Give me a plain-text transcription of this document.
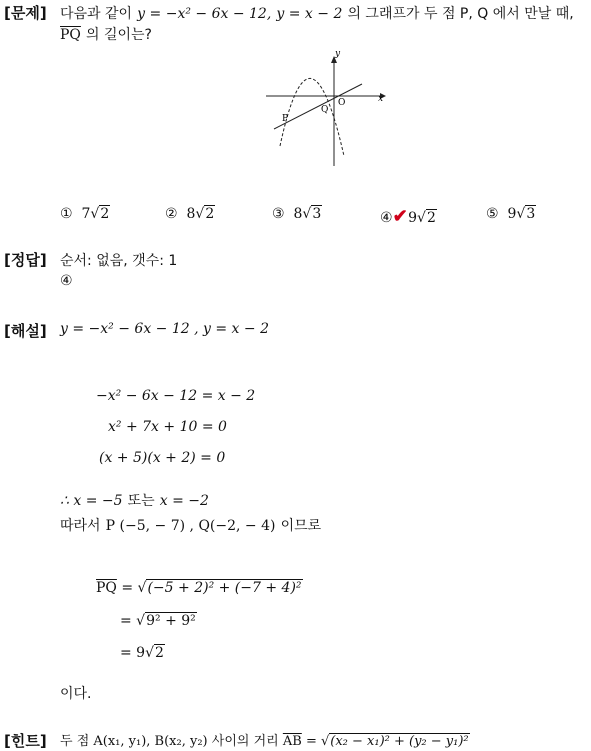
[문제] 다음과 같이 y = −x² − 6x − 12, y = x − 2 의 그래프가 두 점 P, Q 에서 만날 때,
$\overline{PQ}$ 의 길이는?
y
x
O
P
Q
① 7√2	② 8√2	③ 8√3	④✔ 9√2	⑤ 9√3
[정답] 순서: 없음, 갯수: 1
④
[해설] y = −x² − 6x − 12 , y = x − 2
−x² − 6x − 12 = x − 2
x² + 7x + 10 = 0
(x + 5)(x + 2) = 0
∴ x = −5 또는 x = −2
따라서 P (−5, − 7) , Q(−2, − 4) 이므로
$\overline{PQ} = √(-5 + 2)^2 + (-7 + 4)^2$
= √9² + 9²
= 9√2
이다.
[힌트] 두 점 A(x₁, y₁), B(x₂, y₂) 사이의 거리 $\overline{AB} = √(x_2 - x_1)^2 + (y_2 - y_1)^2$
